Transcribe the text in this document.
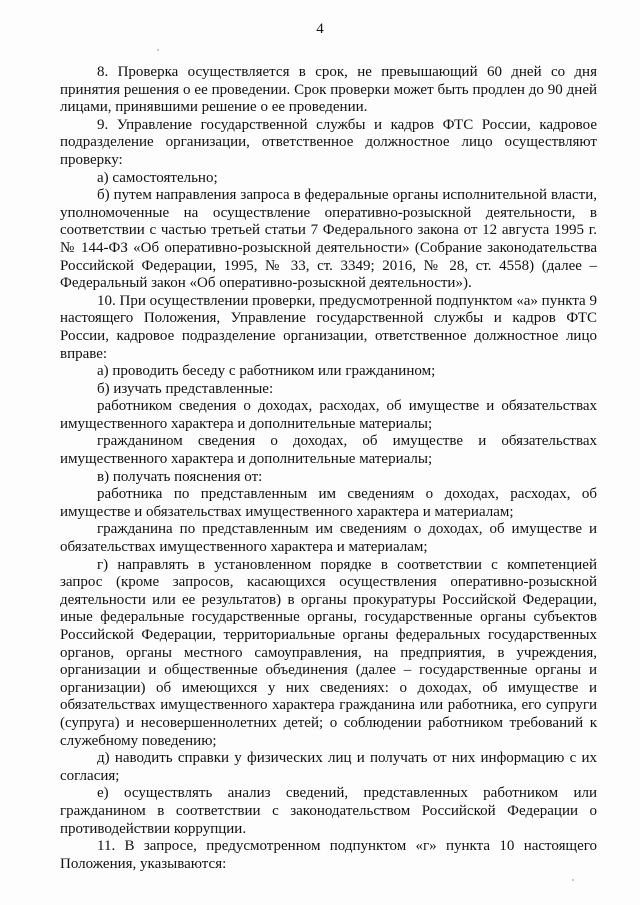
4

8. Проверка осуществляется в срок, не превышающий 60 дней со дня принятия решения о ее проведении. Срок проверки может быть продлен до 90 дней лицами, принявшими решение о ее проведении.

9. Управление государственной службы и кадров ФТС России, кадровое подразделение организации, ответственное должностное лицо осуществляют проверку:

а) самостоятельно;

б) путем направления запроса в федеральные органы исполнительной власти, уполномоченные на осуществление оперативно-розыскной деятельности, в соответствии с частью третьей статьи 7 Федерального закона от 12 августа 1995 г. № 144-ФЗ «Об оперативно-розыскной деятельности» (Собрание законодательства Российской Федерации, 1995, № 33, ст. 3349; 2016, № 28, ст. 4558) (далее – Федеральный закон «Об оперативно-розыскной деятельности»).

10. При осуществлении проверки, предусмотренной подпунктом «а» пункта 9 настоящего Положения, Управление государственной службы и кадров ФТС России, кадровое подразделение организации, ответственное должностное лицо вправе:

а) проводить беседу с работником или гражданином;

б) изучать представленные:

работником сведения о доходах, расходах, об имуществе и обязательствах имущественного характера и дополнительные материалы;

гражданином сведения о доходах, об имуществе и обязательствах имущественного характера и дополнительные материалы;

в) получать пояснения от:

работника по представленным им сведениям о доходах, расходах, об имуществе и обязательствах имущественного характера и материалам;

гражданина по представленным им сведениям о доходах, об имуществе и обязательствах имущественного характера и материалам;

г) направлять в установленном порядке в соответствии с компетенцией запрос (кроме запросов, касающихся осуществления оперативно-розыскной деятельности или ее результатов) в органы прокуратуры Российской Федерации, иные федеральные государственные органы, государственные органы субъектов Российской Федерации, территориальные органы федеральных государственных органов, органы местного самоуправления, на предприятия, в учреждения, организации и общественные объединения (далее – государственные органы и организации) об имеющихся у них сведениях: о доходах, об имуществе и обязательствах имущественного характера гражданина или работника, его супруги (супруга) и несовершеннолетних детей; о соблюдении работником требований к служебному поведению;

д) наводить справки у физических лиц и получать от них информацию с их согласия;

е) осуществлять анализ сведений, представленных работником или гражданином в соответствии с законодательством Российской Федерации о противодействии коррупции.

11. В запросе, предусмотренном подпунктом «г» пункта 10 настоящего Положения, указываются:
